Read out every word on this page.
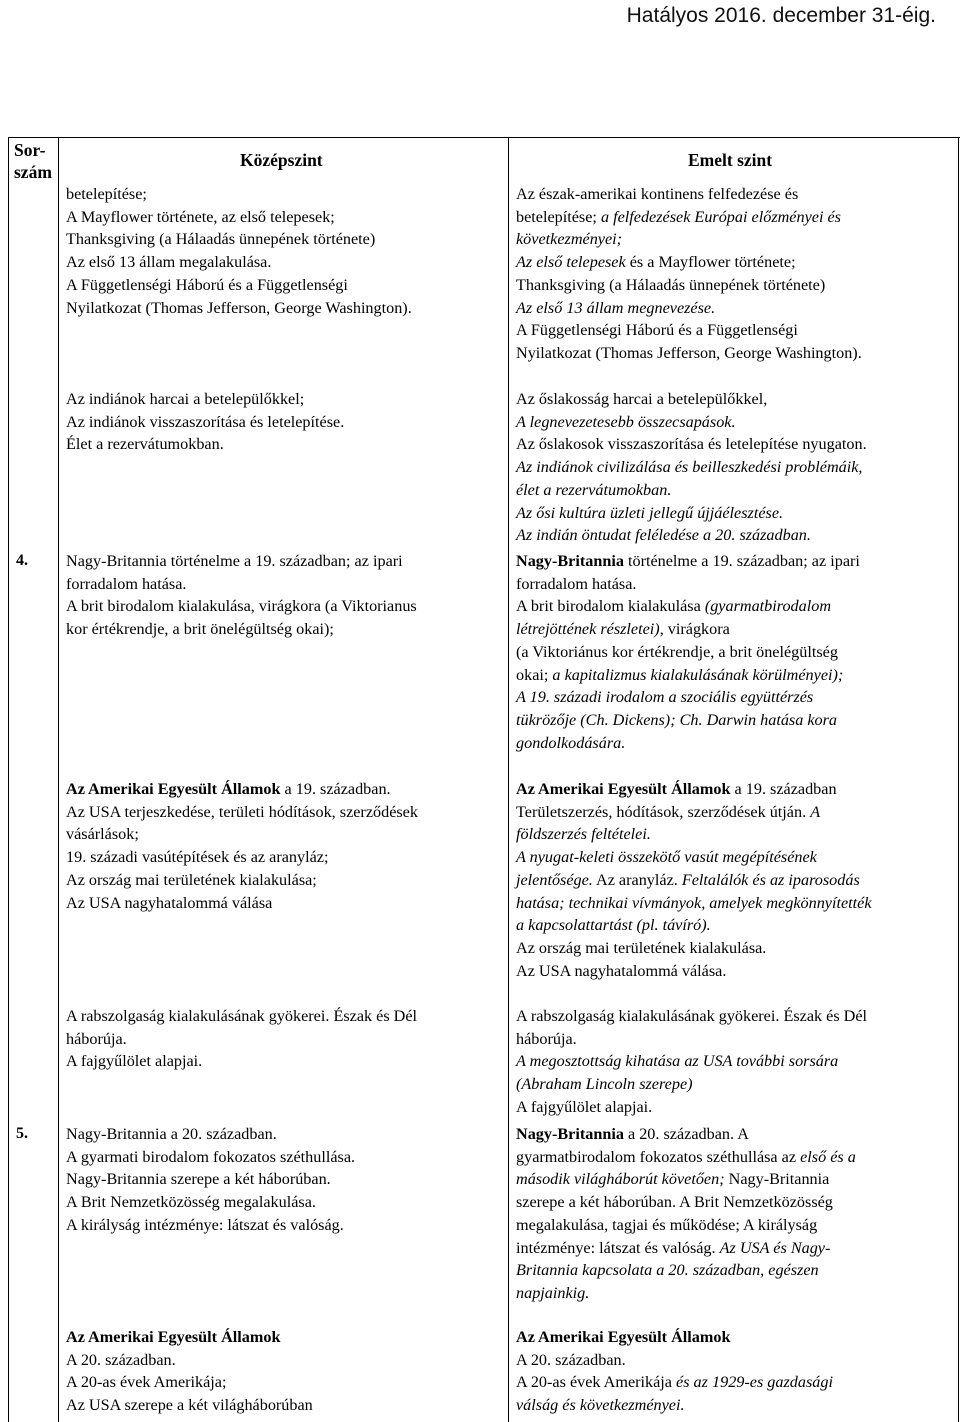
Hatályos 2016. december 31-éig.
Sor-
szám
Középszint	Emelt szint
4.
5.
betelepítése;
A Mayflower története, az első telepesek;
Thanksgiving (a Hálaadás ünnepének története)
Az első 13 állam megalakulása.
A Függetlenségi Háború és a Függetlenségi
Nyilatkozat (Thomas Jefferson, George Washington).
Az indiánok harcai a betelepülőkkel;
Az indiánok visszaszorítása és letelepítése.
Élet a rezervátumokban.
Nagy-Britannia történelme a 19. században; az ipari
forradalom hatása.
A brit birodalom kialakulása, virágkora (a Viktorianus
kor értékrendje, a brit önelégültség okai);
Az Amerikai Egyesült Államok a 19. században.
Az USA terjeszkedése, területi hódítások, szerződések
vásárlások;
19. századi vasútépítések és az aranyláz;
Az ország mai területének kialakulása;
Az USA nagyhatalommá válása
A rabszolgaság kialakulásának gyökerei. Észak és Dél
háborúja.
A fajgyűlölet alapjai.
Nagy-Britannia a 20. században.
A gyarmati birodalom fokozatos széthullása.
Nagy-Britannia szerepe a két háborúban.
A Brit Nemzetközösség megalakulása.
A királyság intézménye: látszat és valóság.
Az Amerikai Egyesült Államok
A 20. században.
A 20-as évek Amerikája;
Az USA szerepe a két világháborúban
Az észak-amerikai kontinens felfedezése és
betelepítése; a felfedezések Európai előzményei és
következményei;
Az első telepesek és a Mayflower története;
Thanksgiving (a Hálaadás ünnepének története)
Az első 13 állam megnevezése.
A Függetlenségi Háború és a Függetlenségi
Nyilatkozat (Thomas Jefferson, George Washington).
Az őslakosság harcai a betelepülőkkel,
A legnevezetesebb összecsapások.
Az őslakosok visszaszorítása és letelepítése nyugaton.
Az indiánok civilizálása és beilleszkedési problémáik,
élet a rezervátumokban.
Az ősi kultúra üzleti jellegű újjáélesztése.
Az indián öntudat feléledése a 20. században.
Nagy-Britannia történelme a 19. században; az ipari
forradalom hatása.
A brit birodalom kialakulása (gyarmatbirodalom
létrejöttének részletei), virágkora
(a Viktoriánus kor értékrendje, a brit önelégültség
okai; a kapitalizmus kialakulásának körülményei);
A 19. századi irodalom a szociális együttérzés
tükrözője (Ch. Dickens); Ch. Darwin hatása kora
gondolkodására.
Az Amerikai Egyesült Államok a 19. században
Területszerzés, hódítások, szerződések útján. A
földszerzés feltételei.
A nyugat-keleti összekötő vasút megépítésének
jelentősége. Az aranyláz. Feltalálók és az iparosodás
hatása; technikai vívmányok, amelyek megkönnyítették
a kapcsolattartást (pl. távíró).
Az ország mai területének kialakulása.
Az USA nagyhatalommá válása.
A rabszolgaság kialakulásának gyökerei. Észak és Dél
háborúja.
A megosztottság kihatása az USA további sorsára
(Abraham Lincoln szerepe)
A fajgyűlölet alapjai.
Nagy-Britannia a 20. században. A
gyarmatbirodalom fokozatos széthullása az első és a
második világháborút követően; Nagy-Britannia
szerepe a két háborúban. A Brit Nemzetközösség
megalakulása, tagjai és működése; A királyság
intézménye: látszat és valóság. Az USA és Nagy-
Britannia kapcsolata a 20. században, egészen
napjainkig.
Az Amerikai Egyesült Államok
A 20. században.
A 20-as évek Amerikája és az 1929-es gazdasági
válság és következményei.
